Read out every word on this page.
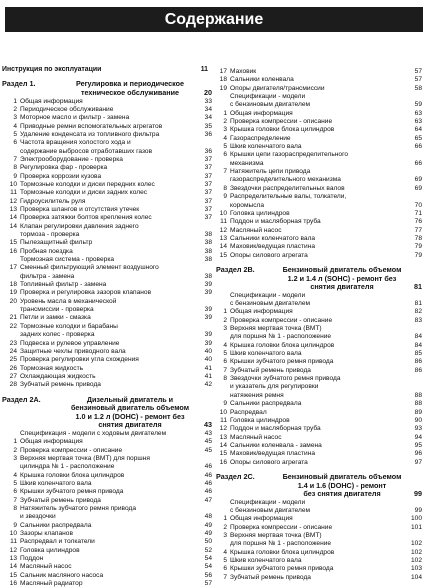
Содержание
Инструкция по эксплуатации	11
Раздел 1.	Регулировка и периодическое
техническое обслуживание	20
1 Общая информация	33
2 Периодическое обслуживание	34
3 Моторное масло и фильтр - замена	34
4 Приводные ремни вспомогательных агрегатов	35
5 Удаление конденсата из топливного фильтра	36
6 Частота вращения холостого хода и
содержание выбросов отработавших газов	36
7 Электрооборудование - проверка	37
8 Регулировка фар - проверка	37
9 Проверка коррозии кузова	37
10 Тормозные колодки и диски передних колес	37
11 Тормозные колодки и диски задних колес	37
12 Гидроусилитель руля	37
13 Проверка шлангов и отсутствия утечек	37
14 Проверка затяжки болтов крепления колес	37
14 Клапан регулировки давления заднего
тормоза - проверка	38
15 Пылезащитный фильтр	38
16 Пробная поездка	38
Тормозная система - проверка	38
17 Сменный фильтрующий элемент воздушного
фильтра - замена	38
18 Топливный фильтр - замена	39
19 Проверка и регулировка зазоров клапанов	39
20 Уровень масла в механической
трансмиссии - проверка	39
21 Петли и замки - смазка	39
22 Тормозные колодки и барабаны
задних колес - проверка	39
23 Подвеска и рулевое управление	39
24 Защитные чехлы приводного вала	40
25 Проверка регулировки угла схождения	40
26 Тормозная жидкость	41
27 Охлаждающая жидкость	41
28 Зубчатый ремень привода	42
Раздел 2А.	Дизельный двигатель и
бензиновый двигатель объемом
1.0 и 1.2 л (DOHC) - ремонт без
снятия двигателя	43
Спецификация - модели с ходовым двигателем	43
1 Общая информация	45
2 Проверка компрессии - описание	45
3 Верхняя мертвая точка (ВМТ) для поршня
цилиндра № 1 - расположение	46
4 Крышка головки блока цилиндров	46
5 Шкив коленчатого вала	46
6 Крышки зубчатого ремня привода	46
7 Зубчатый ремень привода	47
8 Натяжитель зубчатого ремня привода
и звездочки	48
9 Сальники распредвала	49
10 Зазоры клапанов	49
11 Распредвал и толкатели	50
12 Головка цилиндров	52
13 Поддон	54
14 Масляный насос	54
15 Сальник масляного насоса	56
16 Масляный радиатор	57
17 Маховик	57
18 Сальники коленвала	57
19 Опоры двигателя/трансмиссии	58
Спецификации - модели
с бензиновым двигателем	59
1 Общая информация	63
2 Проверка компрессии - описание	63
3 Крышка головки блока цилиндров	64
4 Газораспределение	65
5 Шкив коленчатого вала	66
6 Крышки цепи газораспределительного
механизма	66
7 Натяжитель цепи привода
газораспределительного механизма	69
8 Звездочки распределительных валов	69
9 Распределительные валы, толкатели,
коромысла	70
10 Головка цилиндров	71
11 Поддон и масляборная труба	76
12 Масляный насос	77
13 Сальники коленчатого вала	78
14 Маховик/ведущая пластина	79
15 Опоры силового агрегата	79
Раздел 2В.	Бензиновый двигатель объемом
1.2 и 1.4 л (SOHC) - ремонт без
снятия двигателя	81
Спецификации - модели
с бензиновым двигателем	81
1 Общая информация	82
2 Проверка компрессии - описание	83
3 Верхняя мертвая точка (ВМТ)
для поршня № 1 - расположение	84
4 Крышка головки блока цилиндров	84
5 Шкив коленчатого вала	85
6 Крышки зубчатого ремня привода	86
7 Зубчатый ремень привода	86
8 Звездочки зубчатого ремня привода
и указатель для регулировки
натяжения ремня	88
9 Сальники распредвала	88
10 Распредвал	89
11 Головка цилиндров	90
12 Поддон и масляборная труба	93
13 Масляный насос	94
14 Сальники коленвала - замена	95
15 Маховик/ведущая пластина	96
16 Опоры силового агрегата	97
Раздел 2С.	Бензиновый двигатель объемом
1.4 и 1.6 (DOHC) - ремонт
без снятия двигателя	99
Спецификации - модели
с бензиновым двигателем	99
1 Общая информация	100
2 Проверка компрессии - описание	101
3 Верхняя мертвая точка (ВМТ)
для поршня № 1 - расположение	102
4 Крышка головки блока цилиндров	102
5 Шкив коленчатого вала	102
6 Крышки зубчатого ремня привода	103
7 Зубчатый ремень привода	104
